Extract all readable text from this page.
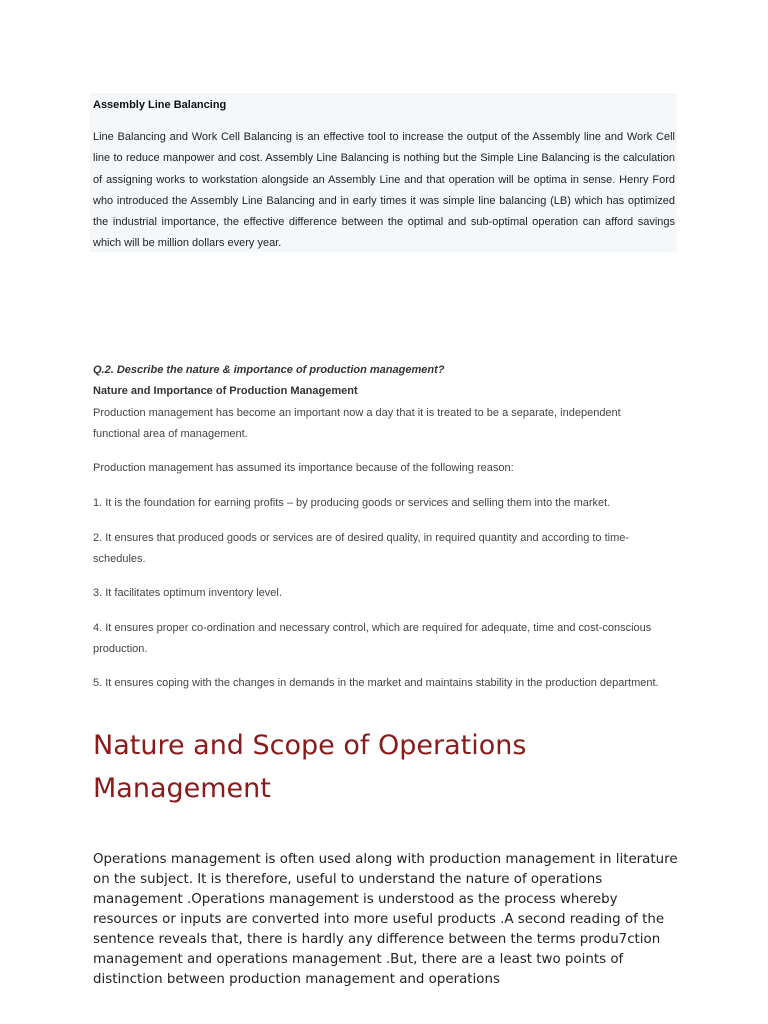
Assembly Line Balancing
Line Balancing and Work Cell Balancing is an effective tool to increase the output of the Assembly line and Work Cell line to reduce manpower and cost. Assembly Line Balancing is nothing but the Simple Line Balancing is the calculation of assigning works to workstation alongside an Assembly Line and that operation will be optima in sense. Henry Ford who introduced the Assembly Line Balancing and in early times it was simple line balancing (LB) which has optimized the industrial importance, the effective difference between the optimal and sub-optimal operation can afford savings which will be million dollars every year.
Q.2. Describe the nature & importance of production management?
Nature and Importance of Production Management
Production management has become an important now a day that it is treated to be a separate, independent functional area of management.
Production management has assumed its importance because of the following reason:
1. It is the foundation for earning profits – by producing goods or services and selling them into the market.
2. It ensures that produced goods or services are of desired quality, in required quantity and according to time-schedules.
3. It facilitates optimum inventory level.
4. It ensures proper co-ordination and necessary control, which are required for adequate, time and cost-conscious production.
5. It ensures coping with the changes in demands in the market and maintains stability in the production department.
Nature and Scope of Operations Management
Operations management is often used along with production management in literature on the subject. It is therefore, useful to understand the nature of operations management .Operations management is understood as the process whereby resources or inputs are converted into more useful products .A second reading of the sentence reveals that, there is hardly any difference between the terms produ7ction management and operations management .But, there are a least two points of distinction between production management and operations
